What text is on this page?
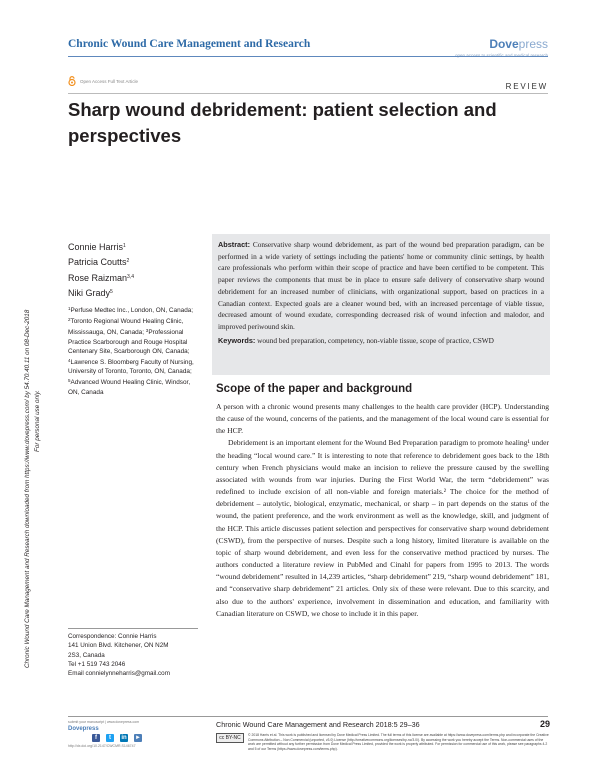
Chronic Wound Care Management and Research	Dovepress
open access to scientific and medical research
Open Access Full Text Article
REVIEW
Sharp wound debridement: patient selection and perspectives
Chronic Wound Care Management and Research downloaded from https://www.dovepress.com/ by 54.70.40.11 on 08-Dec-2018 For personal use only.
Connie Harris$^1$
Patricia Coutts$^2$
Rose Raizman$^{3,4}$
Niki Grady$^5$

$^1$Perfuse Medtec Inc., London, ON, Canada; $^2$Toronto Regional Wound Healing Clinic, Mississauga, ON, Canada; $^3$Professional Practice Scarborough and Rouge Hospital Centenary Site, Scarborough ON, Canada; $^4$Lawrence S. Bloomberg Faculty of Nursing, University of Toronto, Toronto, ON, Canada; $^5$Advanced Wound Healing Clinic, Windsor, ON, Canada

Abstract: Conservative sharp wound debridement, as part of the wound bed preparation paradigm, can be performed in a wide variety of settings including the patients' home or community clinic settings, by health care professionals who perform within their scope of practice and have been certified to be competent. This paper reviews the components that must be in place to ensure safe delivery of conservative sharp wound debridement for an increased number of clinicians, with organizational support, based on practices in a Canadian context. Expected goals are a cleaner wound bed, with an increased percentage of viable tissue, decreased amount of wound exudate, corresponding decreased risk of wound infection and malodor, and improved periwound skin.
Keywords: wound bed preparation, competency, non-viable tissue, scope of practice, CSWD
Scope of the paper and background

A person with a chronic wound presents many challenges to the health care provider (HCP). Understanding the cause of the wound, concerns of the patients, and the management of the local wound care is essential for the HCP.

Debridement is an important element for the Wound Bed Preparation paradigm to promote healing¹ under the heading “local wound care.” It is interesting to note that reference to debridement goes back to the 18th century when French physicians would make an incision to relieve the pressure caused by the swelling associated with wounds from war injuries. During the First World War, the term “debridement” was redefined to include excision of all non-viable and foreign materials.² The choice for the method of debridement – autolytic, biological, enzymatic, mechanical, or sharp – in part depends on the status of the wound, the patient preference, and the work environment as well as the knowledge, skill, and judgment of the HCP. This article discusses patient selection and perspectives for conservative sharp wound debridement (CSWD), from the perspective of nurses. Despite such a long history, limited literature is available on the topic of sharp wound debridement, and even less for the conservative method practiced by nurses. The authors conducted a literature review in PubMed and Cinahl for papers from 1995 to 2013. The words “wound debridement” resulted in 14,239 articles, “sharp debridement” 219, “sharp wound debridement” 181, and “conservative sharp debridement” 21 articles. Only six of these were relevant. Due to this scarcity, and also due to the authors' experience, involvement in dissemination and education, and familiarity with Canadian literature on CSWD, we chose to include it in this paper.

Correspondence: Connie Harris

141 Union Blvd. Kitchener, ON N2M

2S3, Canada

Tel +1 519 743 2046

Email connielynneharris@gmail.com

submit your manuscript | www.dovepress.com
Dovepress
f	t	in ►
http://dx.doi.org/10.2147/CWCMR.S146747
Chronic Wound Care Management and Research 2018:5 29–36	29
cc BY-NC	© 2018 Harris et al. This work is published and licensed by Dove Medical Press Limited. The full terms of this license are available at https://www.dovepress.com/terms.php and incorporate the Creative Commons Attribution – Non Commercial (unported, v3.0) License (http://creativecommons.org/licenses/by-nc/3.0/). By accessing the work you hereby accept the Terms. Non-commercial uses of the work are permitted without any further permission from Dove Medical Press Limited, provided the work is properly attributed. For permission for commercial use of this work, please see paragraphs 4.2 and 5 of our Terms (https://www.dovepress.com/terms.php).
